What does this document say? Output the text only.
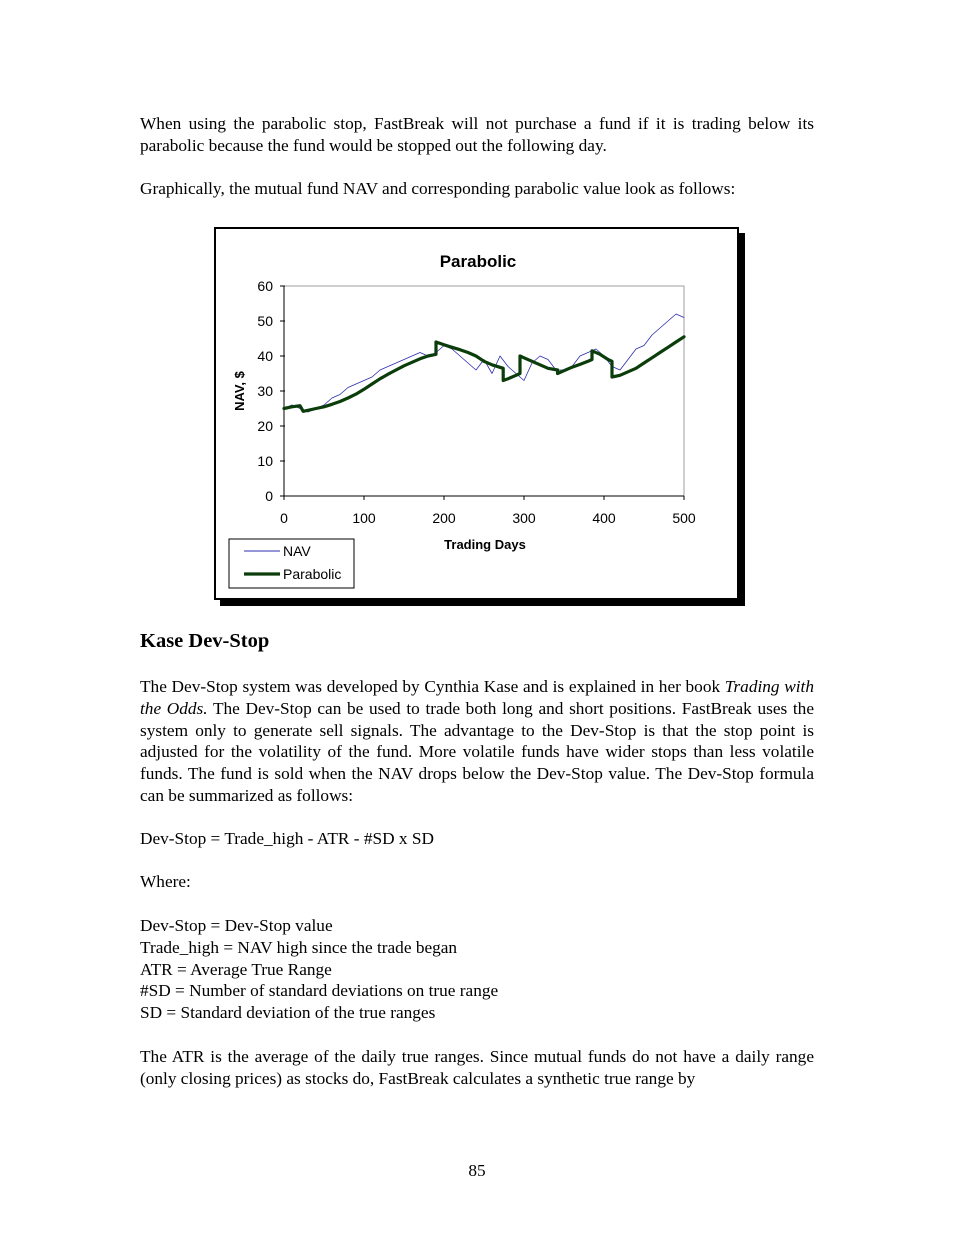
When using the parabolic stop, FastBreak will not purchase a fund if it is trading below its parabolic because the fund would be stopped out the following day.

Graphically, the mutual fund NAV and corresponding parabolic value look as follows:

Parabolic
0
10
20
30
40
50
60
0	100	200	300	400	500
NAV, $
Trading Days
NAV
Parabolic
Kase Dev-Stop

The Dev-Stop system was developed by Cynthia Kase and is explained in her book Trading with the Odds. The Dev-Stop can be used to trade both long and short positions. FastBreak uses the system only to generate sell signals. The advantage to the Dev-Stop is that the stop point is adjusted for the volatility of the fund. More volatile funds have wider stops than less volatile funds. The fund is sold when the NAV drops below the Dev-Stop value. The Dev-Stop formula can be summarized as follows:

Dev-Stop = Trade_high - ATR - #SD x SD

Where:

Dev-Stop = Dev-Stop value
Trade_high = NAV high since the trade began
ATR = Average True Range
#SD = Number of standard deviations on true range
SD = Standard deviation of the true ranges

The ATR is the average of the daily true ranges. Since mutual funds do not have a daily range (only closing prices) as stocks do, FastBreak calculates a synthetic true range by

85
